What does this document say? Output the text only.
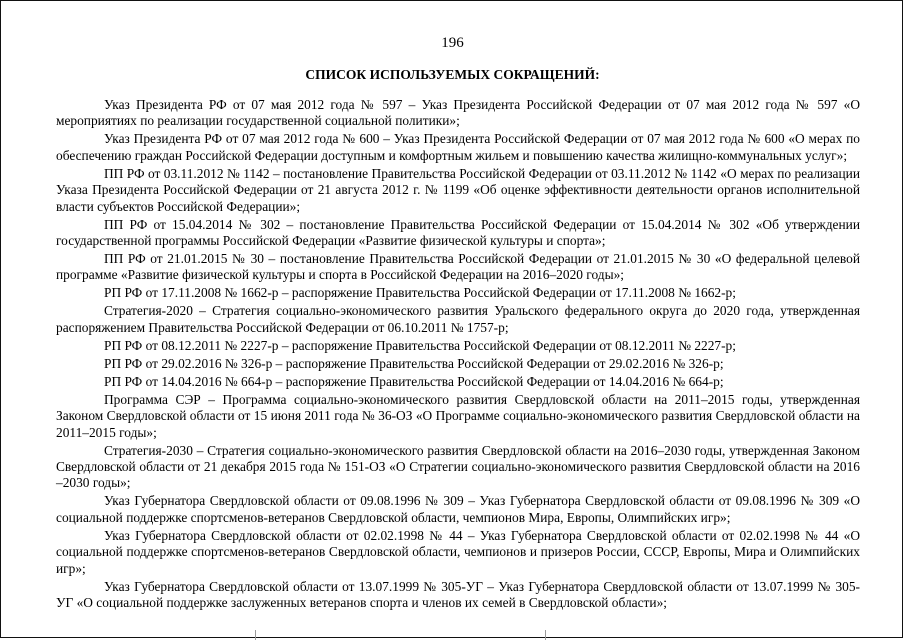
196
СПИСОК ИСПОЛЬЗУЕМЫХ СОКРАЩЕНИЙ:

Указ Президента РФ от 07 мая 2012 года № 597 – Указ Президента Российской Федерации от 07 мая 2012 года № 597 «О мероприятиях по реализации государственной социальной политики»;

Указ Президента РФ от 07 мая 2012 года № 600 – Указ Президента Российской Федерации от 07 мая 2012 года № 600 «О мерах по обеспечению граждан Российской Федерации доступным и комфортным жильем и повышению качества жилищно-коммунальных услуг»;

ПП РФ от 03.11.2012 № 1142 – постановление Правительства Российской Федерации от 03.11.2012 № 1142 «О мерах по реализации Указа Президента Российской Федерации от 21 августа 2012 г. № 1199 «Об оценке эффективности деятельности органов исполнительной власти субъектов Российской Федерации»;

ПП РФ от 15.04.2014 № 302 – постановление Правительства Российской Федерации от 15.04.2014 № 302 «Об утверждении государственной программы Российской Федерации «Развитие физической культуры и спорта»;

ПП РФ от 21.01.2015 № 30 – постановление Правительства Российской Федерации от 21.01.2015 № 30 «О федеральной целевой программе «Развитие физической культуры и спорта в Российской Федерации на 2016–2020 годы»;

РП РФ от 17.11.2008 № 1662-р – распоряжение Правительства Российской Федерации от 17.11.2008 № 1662-р;

Стратегия-2020 – Стратегия социально-экономического развития Уральского федерального округа до 2020 года, утвержденная распоряжением Правительства Российской Федерации от 06.10.2011 № 1757-р;

РП РФ от 08.12.2011 № 2227-р – распоряжение Правительства Российской Федерации от 08.12.2011 № 2227-р;

РП РФ от 29.02.2016 № 326-р – распоряжение Правительства Российской Федерации от 29.02.2016 № 326-р;

РП РФ от 14.04.2016 № 664-р – распоряжение Правительства Российской Федерации от 14.04.2016 № 664-р;

Программа СЭР – Программа социально-экономического развития Свердловской области на 2011–2015 годы, утвержденная Законом Свердловской области от 15 июня 2011 года № 36-ОЗ «О Программе социально-экономического развития Свердловской области на 2011–2015 годы»;

Стратегия-2030 – Стратегия социально-экономического развития Свердловской области на 2016–2030 годы, утвержденная Законом Свердловской области от 21 декабря 2015 года № 151-ОЗ «О Стратегии социально-экономического развития Свердловской области на 2016 –2030 годы»;

Указ Губернатора Свердловской области от 09.08.1996 № 309 – Указ Губернатора Свердловской области от 09.08.1996 № 309 «О социальной поддержке спортсменов-ветеранов Свердловской области, чемпионов Мира, Европы, Олимпийских игр»;

Указ Губернатора Свердловской области от 02.02.1998 № 44 – Указ Губернатора Свердловской области от 02.02.1998 № 44 «О социальной поддержке спортсменов-ветеранов Свердловской области, чемпионов и призеров России, СССР, Европы, Мира и Олимпийских игр»;

Указ Губернатора Свердловской области от 13.07.1999 № 305-УГ – Указ Губернатора Свердловской области от 13.07.1999 № 305-УГ «О социальной поддержке заслуженных ветеранов спорта и членов их семей в Свердловской области»;
